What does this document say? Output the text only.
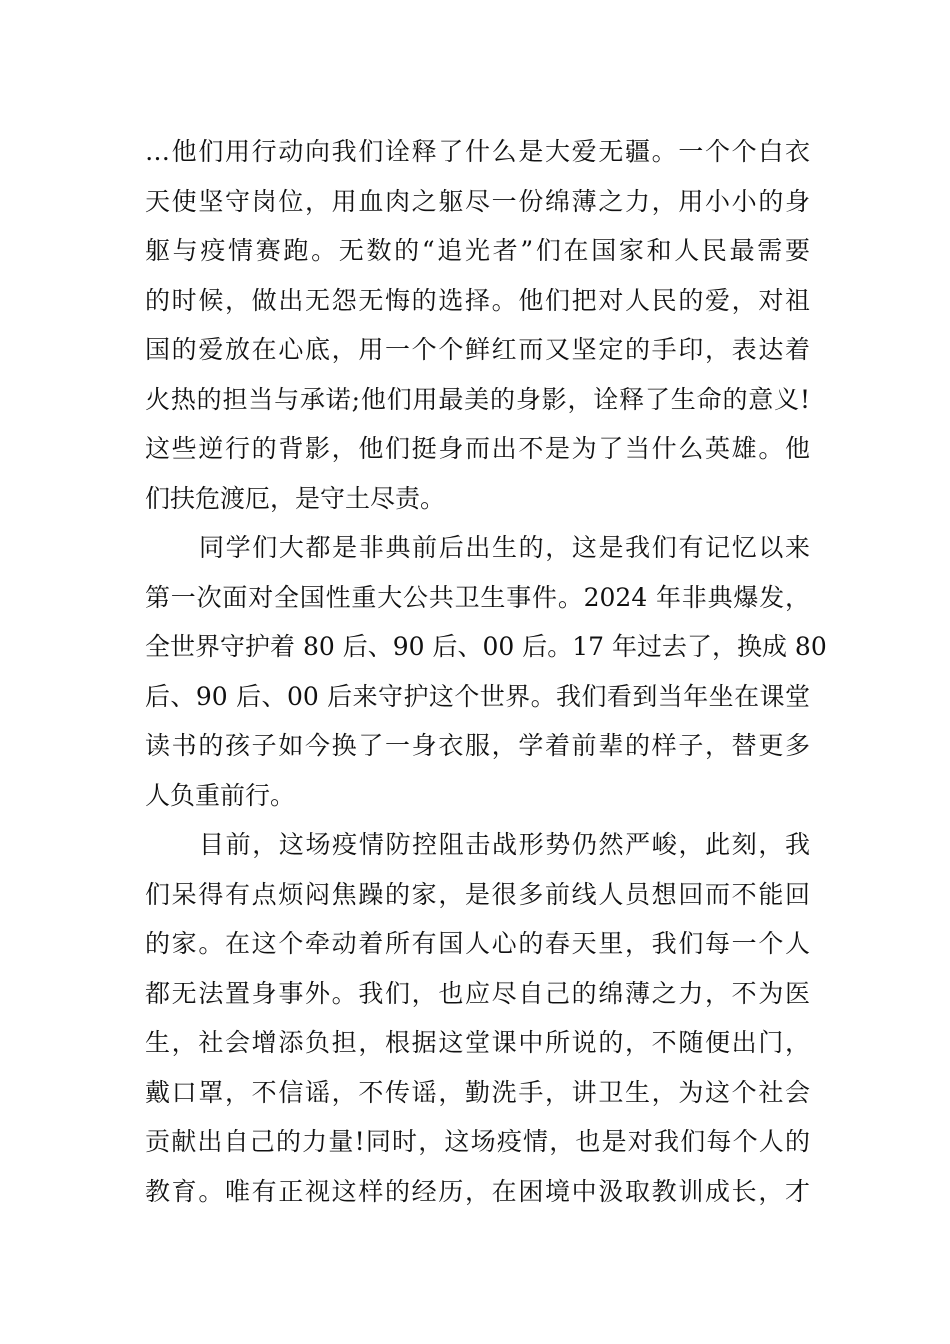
…他们用行动向我们诠释了什么是大爱无疆。一个个白衣
天使坚守岗位，用血肉之躯尽一份绵薄之力，用小小的身
躯与疫情赛跑。无数的“追光者”们在国家和人民最需要
的时候，做出无怨无悔的选择。他们把对人民的爱，对祖
国的爱放在心底，用一个个鲜红而又坚定的手印，表达着
火热的担当与承诺;他们用最美的身影，诠释了生命的意义!
这些逆行的背影，他们挺身而出不是为了当什么英雄。他
们扶危渡厄，是守土尽责。
同学们大都是非典前后出生的，这是我们有记忆以来
第一次面对全国性重大公共卫生事件。2024 年非典爆发，
全世界守护着 80 后、90 后、00 后。17 年过去了，换成 80
后、90 后、00 后来守护这个世界。我们看到当年坐在课堂
读书的孩子如今换了一身衣服，学着前辈的样子，替更多
人负重前行。
目前，这场疫情防控阻击战形势仍然严峻，此刻，我
们呆得有点烦闷焦躁的家，是很多前线人员想回而不能回
的家。在这个牵动着所有国人心的春天里，我们每一个人
都无法置身事外。我们，也应尽自己的绵薄之力，不为医
生，社会增添负担，根据这堂课中所说的，不随便出门，
戴口罩，不信谣，不传谣，勤洗手，讲卫生，为这个社会
贡献出自己的力量!同时，这场疫情，也是对我们每个人的
教育。唯有正视这样的经历，在困境中汲取教训成长，才
